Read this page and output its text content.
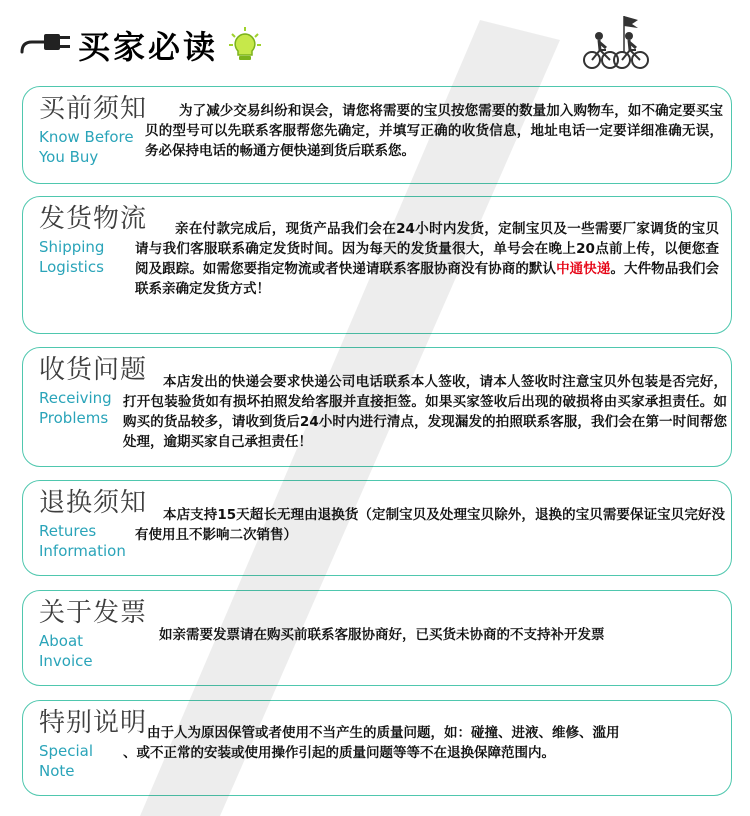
买家必读
买前须知
Know Before
You Buy
为了减少交易纠纷和误会，请您将需要的宝贝按您需要的数量加入购物车，如不确定要买宝贝的型号可以先联系客服帮您先确定，并填写正确的收货信息，地址电话一定要详细准确无误，务必保持电话的畅通方便快递到货后联系您。
发货物流
Shipping
Logistics
亲在付款完成后，现货产品我们会在24小时内发货，定制宝贝及一些需要厂家调货的宝贝请与我们客服联系确定发货时间。因为每天的发货量很大，单号会在晚上20点前上传，以便您查阅及跟踪。如需您要指定物流或者快递请联系客服协商没有协商的默认中通快递。大件物品我们会联系亲确定发货方式！
收货问题
Receiving
Problems
本店发出的快递会要求快递公司电话联系本人签收，请本人签收时注意宝贝外包装是否完好，打开包装验货如有损坏拍照发给客服并直接拒签。如果买家签收后出现的破损将由买家承担责任。如购买的货品较多，请收到货后24小时内进行清点，发现漏发的拍照联系客服，我们会在第一时间帮您处理，逾期买家自己承担责任！
退换须知
Retures
Information
本店支持15天超长无理由退换货（定制宝贝及处理宝贝除外，退换的宝贝需要保证宝贝完好没有使用且不影响二次销售）
关于发票
Aboat
Invoice
如亲需要发票请在购买前联系客服协商好，已买货未协商的不支持补开发票
特别说明
Special
Note
由于人为原因保管或者使用不当产生的质量问题，如：碰撞、进液、维修、滥用
、或不正常的安装或使用操作引起的质量问题等等不在退换保障范围内。
